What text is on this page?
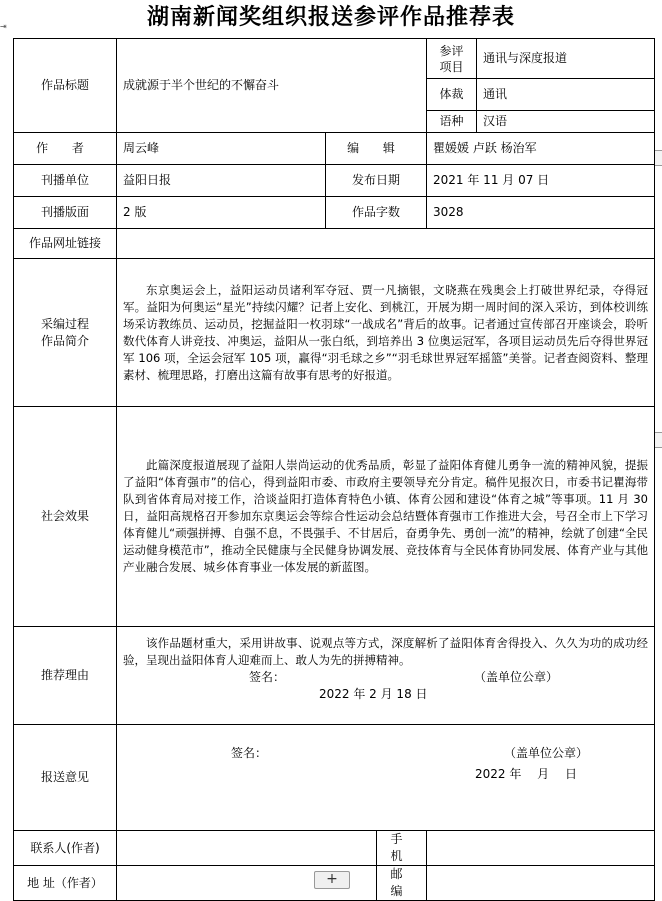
湖南新闻奖组织报送参评作品推荐表
⇥
作品标题	成就源于半个世纪的不懈奋斗			参评项目	通讯与深度报道
				体裁	通讯
				语种	汉语
作 者	周云峰	编 辑		瞿媛媛 卢跃 杨治军	
刊播单位	益阳日报	发布日期		2021 年 11 月 07 日	
刊播版面	2 版	作品字数		3028	
作品网址链接					
采编过程
作品简介	东京奥运会上，益阳运动员诸利军夺冠、贾一凡摘银，文晓燕在残奥会上打破世界纪录，夺得冠军。益阳为何奥运“星光”持续闪耀？记者上安化、到桃江，开展为期一周时间的深入采访，到体校训练场采访教练员、运动员，挖掘益阳一枚羽球“一战成名”背后的故事。记者通过宣传部召开座谈会，聆听数代体育人讲竞技、冲奥运，益阳从一张白纸，到培养出 3 位奥运冠军，各项目运动员先后夺得世界冠军 106 项，全运会冠军 105 项，赢得“羽毛球之乡”“羽毛球世界冠军摇篮”美誉。记者查阅资料、整理素材、梳理思路，打磨出这篇有故事有思考的好报道。				

社会效果	此篇深度报道展现了益阳人崇尚运动的优秀品质，彰显了益阳体育健儿勇争一流的精神风貌，提振了益阳“体育强市”的信心，得到益阳市委、市政府主要领导充分肯定。稿件见报次日，市委书记瞿海带队到省体育局对接工作，洽谈益阳打造体育特色小镇、体育公园和建设“体育之城”等事项。11 月 30 日，益阳高规格召开参加东京奥运会等综合性运动会总结暨体育强市工作推进大会，号召全市上下学习体育健儿“顽强拼搏、自强不息，不畏强手、不甘居后，奋勇争先、勇创一流”的精神，绘就了创建“全民运动健身模范市”，推动全民健康与全民健身协调发展、竞技体育与全民体育协同发展、体育产业与其他产业融合发展、城乡体育事业一体发展的新蓝图。				

推荐理由	该作品题材重大，采用讲故事、说观点等方式，深度解析了益阳体育舍得投入、久久为功的成功经验，呈现出益阳体育人迎难而上、敢人为先的拼搏精神。
签名： （盖单位公章）
2022 年 2 月 18 日				

报送意见	签名： （盖单位公章）
2022 年　 月　 日				

联系人(作者)			手 机		
地 址（作者）			邮 编		
+
